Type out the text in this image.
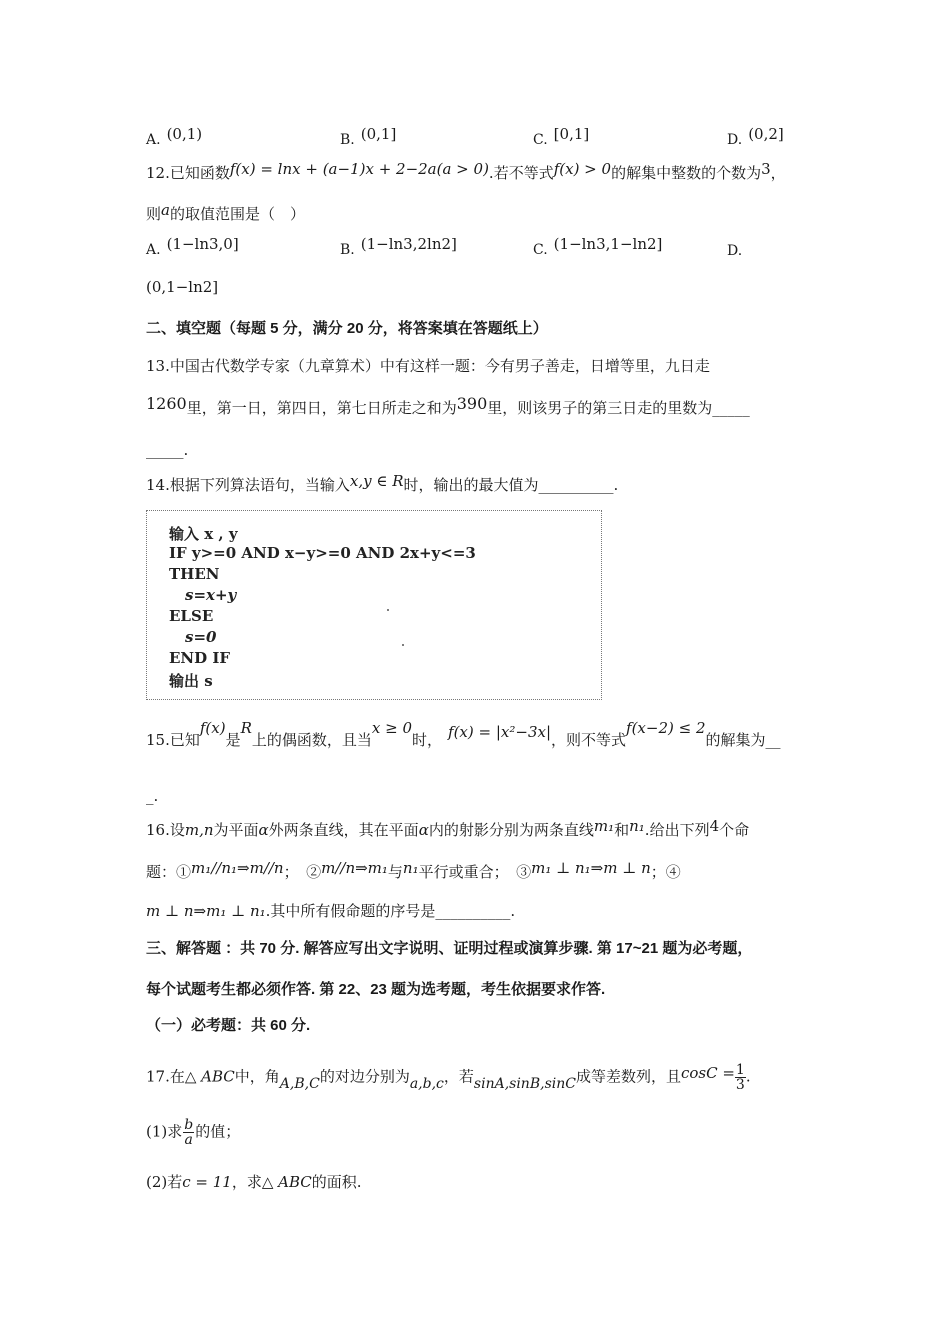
A. (0,1)	B. (0,1]	C. [0,1]	D. (0,2]
12.已知函数f(x) = lnx + (a−1)x + 2−2a(a > 0).若不等式f(x) > 0的解集中整数的个数为3，
则a的取值范围是（　）
A. (1−ln3,0]	B. (1−ln3,2ln2]	C. (1−ln3,1−ln2]	D.
(0,1−ln2]
二、填空题（每题 5 分，满分 20 分，将答案填在答题纸上）
13.中国古代数学专家（九章算术）中有这样一题：今有男子善走，日增等里，九日走
1260里，第一日，第四日，第七日所走之和为390里，则该男子的第三日走的里数为_____
_____.
14.根据下列算法语句，当输入x,y ∈ R时，输出的最大值为__________.
输入 x , y
IF y>=0 AND x−y>=0 AND 2x+y<=3
THEN
s=x+y
ELSE
s=0
END IF
输出 s
15.已知f(x)是R上的偶函数，且当x ≥ 0时， f(x) = |x²−3x|，则不等式f(x−2) ≤ 2的解集为__
_.
16.设m,n为平面α外两条直线，其在平面α内的射影分别为两条直线m₁和n₁.给出下列4个命
题：①m₁//n₁⇒m//n；　②m//n⇒m₁与n₁平行或重合；　③m₁ ⊥ n₁⇒m ⊥ n；④
m ⊥ n⇒m₁ ⊥ n₁.其中所有假命题的序号是__________.
三、解答题 ：共 70 分. 解答应写出文字说明、证明过程或演算步骤. 第 17~21 题为必考题，
每个试题考生都必须作答. 第 22、23 题为选考题，考生依据要求作答.
（一）必考题：共 60 分.
17.在△ ABC中，角A,B,C的对边分别为a,b,c，若sinA,sinB,sinC成等差数列，且$\cos C = \frac{1}{3}$ .
(1)求 $\frac{b}{a}$ 的值；
(2)若c = 11，求△ ABC的面积.
